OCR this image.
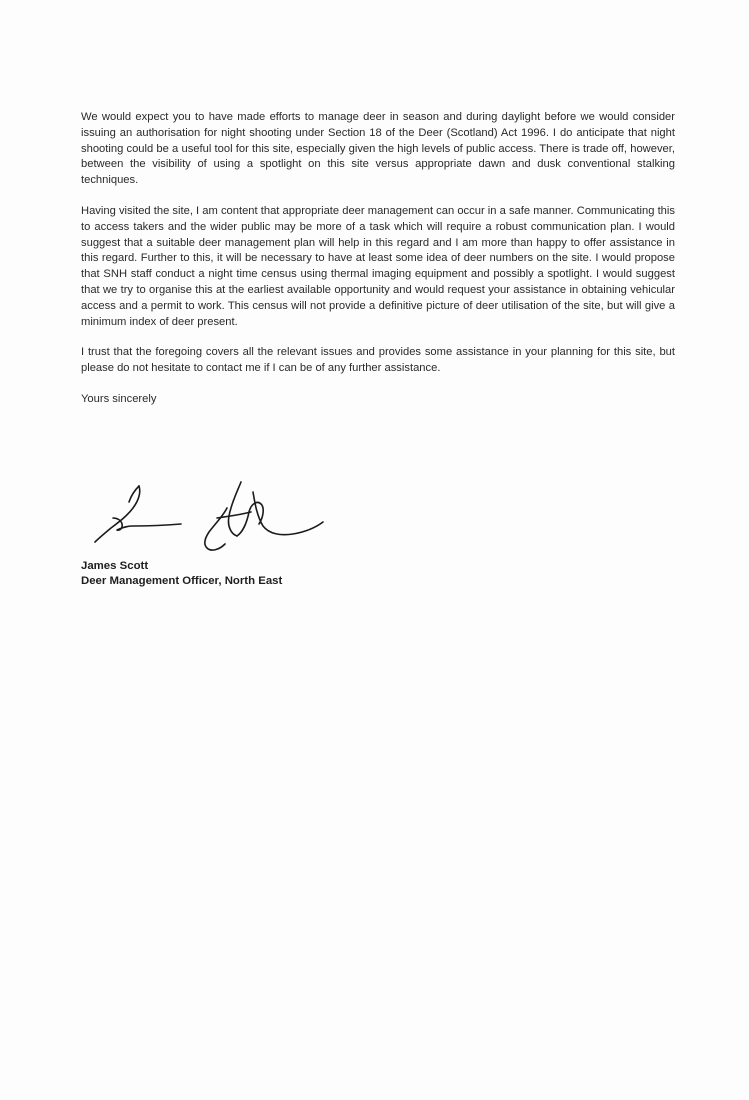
We would expect you to have made efforts to manage deer in season and during daylight before we would consider issuing an authorisation for night shooting under Section 18 of the Deer (Scotland) Act 1996. I do anticipate that night shooting could be a useful tool for this site, especially given the high levels of public access. There is trade off, however, between the visibility of using a spotlight on this site versus appropriate dawn and dusk conventional stalking techniques.

Having visited the site, I am content that appropriate deer management can occur in a safe manner. Communicating this to access takers and the wider public may be more of a task which will require a robust communication plan. I would suggest that a suitable deer management plan will help in this regard and I am more than happy to offer assistance in this regard. Further to this, it will be necessary to have at least some idea of deer numbers on the site. I would propose that SNH staff conduct a night time census using thermal imaging equipment and possibly a spotlight. I would suggest that we try to organise this at the earliest available opportunity and would request your assistance in obtaining vehicular access and a permit to work. This census will not provide a definitive picture of deer utilisation of the site, but will give a minimum index of deer present.

I trust that the foregoing covers all the relevant issues and provides some assistance in your planning for this site, but please do not hesitate to contact me if I can be of any further assistance.

Yours sincerely

James Scott
Deer Management Officer, North East
